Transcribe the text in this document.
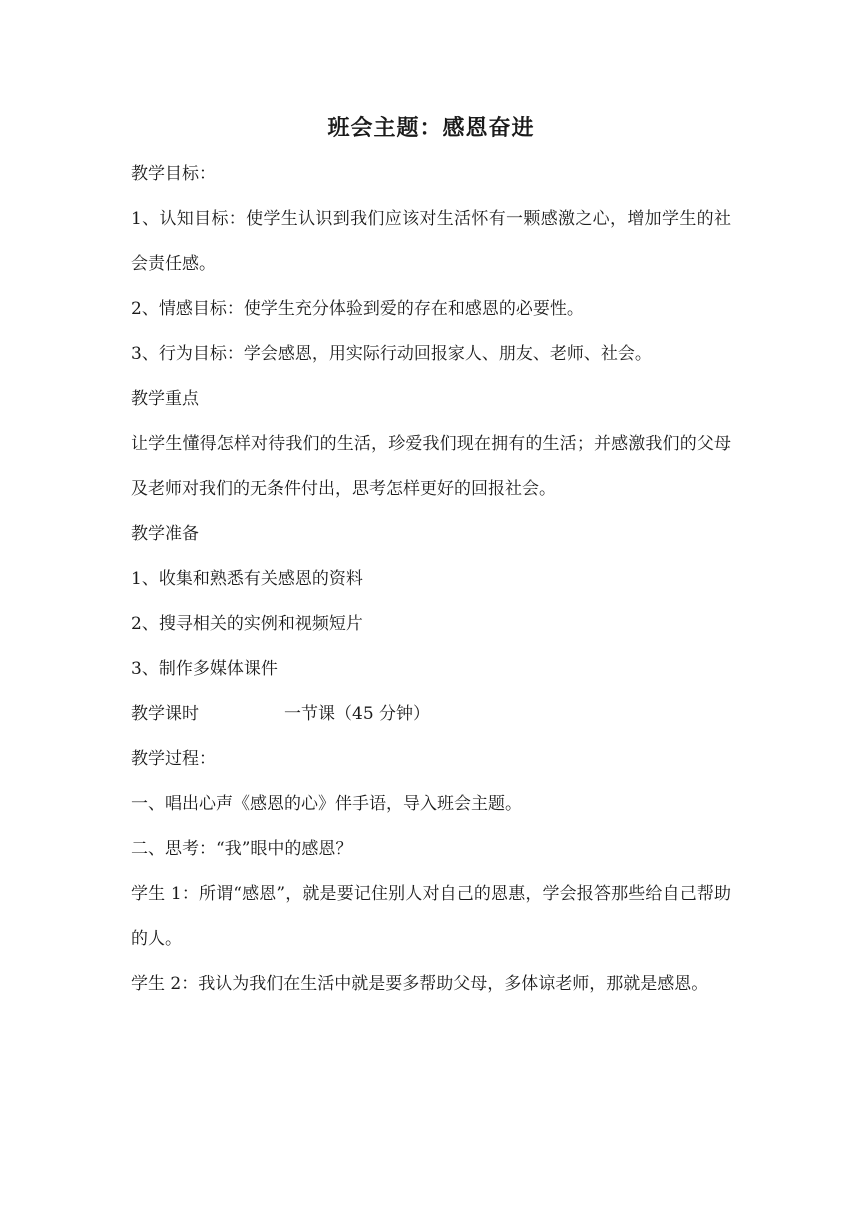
班会主题：感恩奋进

教学目标：

1、认知目标：使学生认识到我们应该对生活怀有一颗感激之心，增加学生的社会责任感。

2、情感目标：使学生充分体验到爱的存在和感恩的必要性。

3、行为目标：学会感恩，用实际行动回报家人、朋友、老师、社会。

教学重点

让学生懂得怎样对待我们的生活，珍爱我们现在拥有的生活；并感激我们的父母及老师对我们的无条件付出，思考怎样更好的回报社会。

教学准备

1、收集和熟悉有关感恩的资料

2、搜寻相关的实例和视频短片

3、制作多媒体课件

教学课时	一节课（45 分钟）

教学过程：

一、唱出心声《感恩的心》伴手语，导入班会主题。

二、思考：“我”眼中的感恩？

学生 1：所谓“感恩”，就是要记住别人对自己的恩惠，学会报答那些给自己帮助的人。

学生 2：我认为我们在生活中就是要多帮助父母，多体谅老师，那就是感恩。
